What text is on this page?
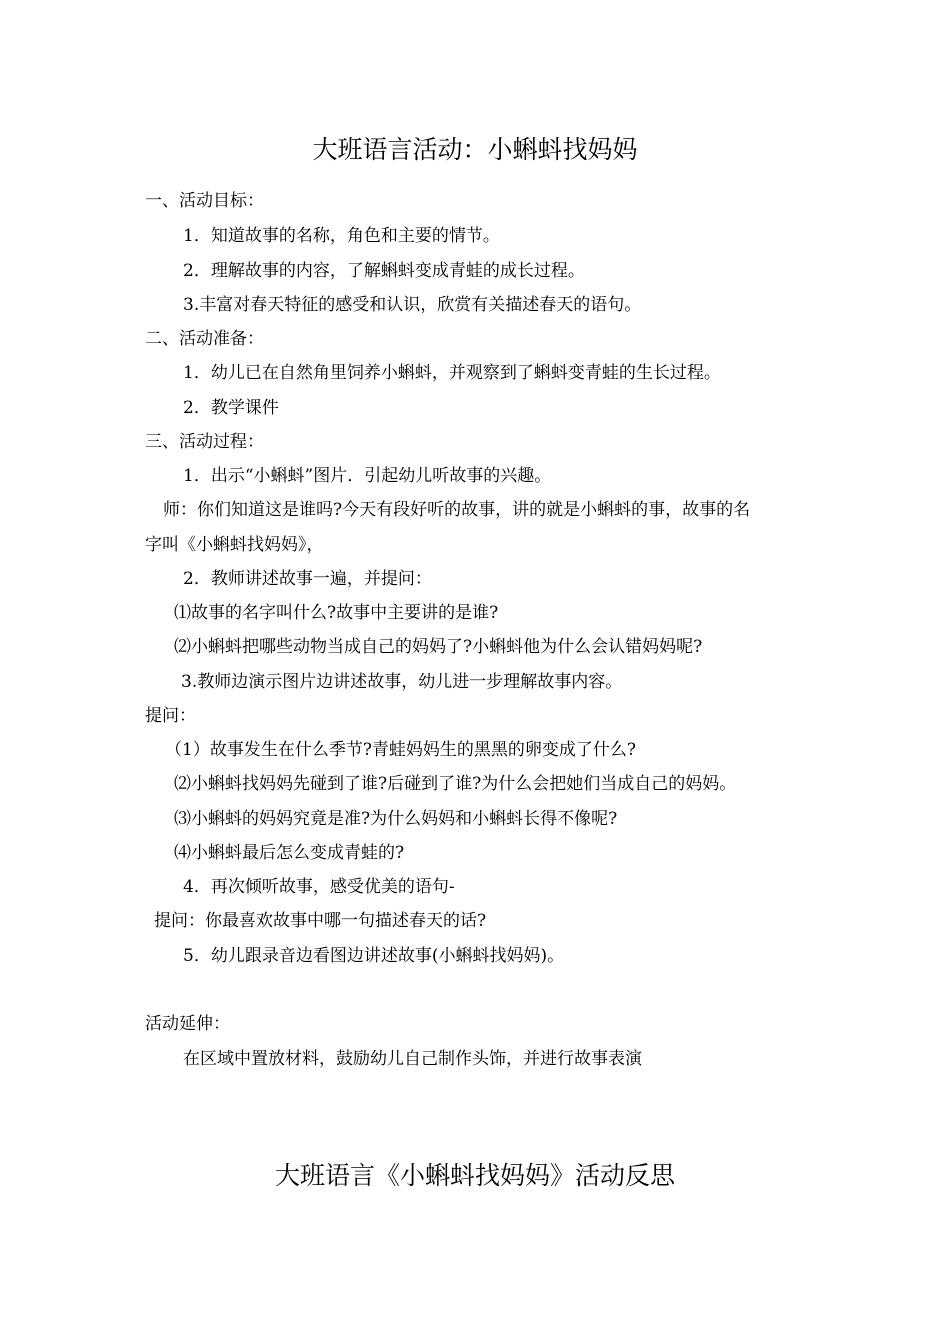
大班语言活动：小蝌蚪找妈妈
一、活动目标：
1．知道故事的名称，角色和主要的情节。
2．理解故事的内容，了解蝌蚪变成青蛙的成长过程。
3.丰富对春天特征的感受和认识，欣赏有关描述春天的语句。
二、活动准备：
1．幼儿已在自然角里饲养小蝌蚪，并观察到了蝌蚪变青蛙的生长过程。
2．教学课件
三、活动过程：
1．出示“小蝌蚪”图片．引起幼儿听故事的兴趣。
师：你们知道这是谁吗?今天有段好听的故事，讲的就是小蝌蚪的事，故事的名
字叫《小蝌蚪找妈妈》，
2．教师讲述故事一遍，并提问：
⑴故事的名字叫什么?故事中主要讲的是谁?
⑵小蝌蚪把哪些动物当成自己的妈妈了?小蝌蚪他为什么会认错妈妈呢?
3.教师边演示图片边讲述故事，幼儿进一步理解故事内容。
提问：
（1）故事发生在什么季节?青蛙妈妈生的黑黑的卵变成了什么?
⑵小蝌蚪找妈妈先碰到了谁?后碰到了谁?为什么会把她们当成自己的妈妈。
⑶小蝌蚪的妈妈究竟是准?为什么妈妈和小蝌蚪长得不像呢?
⑷小蝌蚪最后怎么变成青蛙的?
4．再次倾听故事，感受优美的语句-
提问：你最喜欢故事中哪一句描述春天的话?
5．幼儿跟录音边看图边讲述故事(小蝌蚪找妈妈)。
活动延伸：
在区域中置放材料，鼓励幼儿自己制作头饰，并进行故事表演
大班语言《小蝌蚪找妈妈》活动反思
